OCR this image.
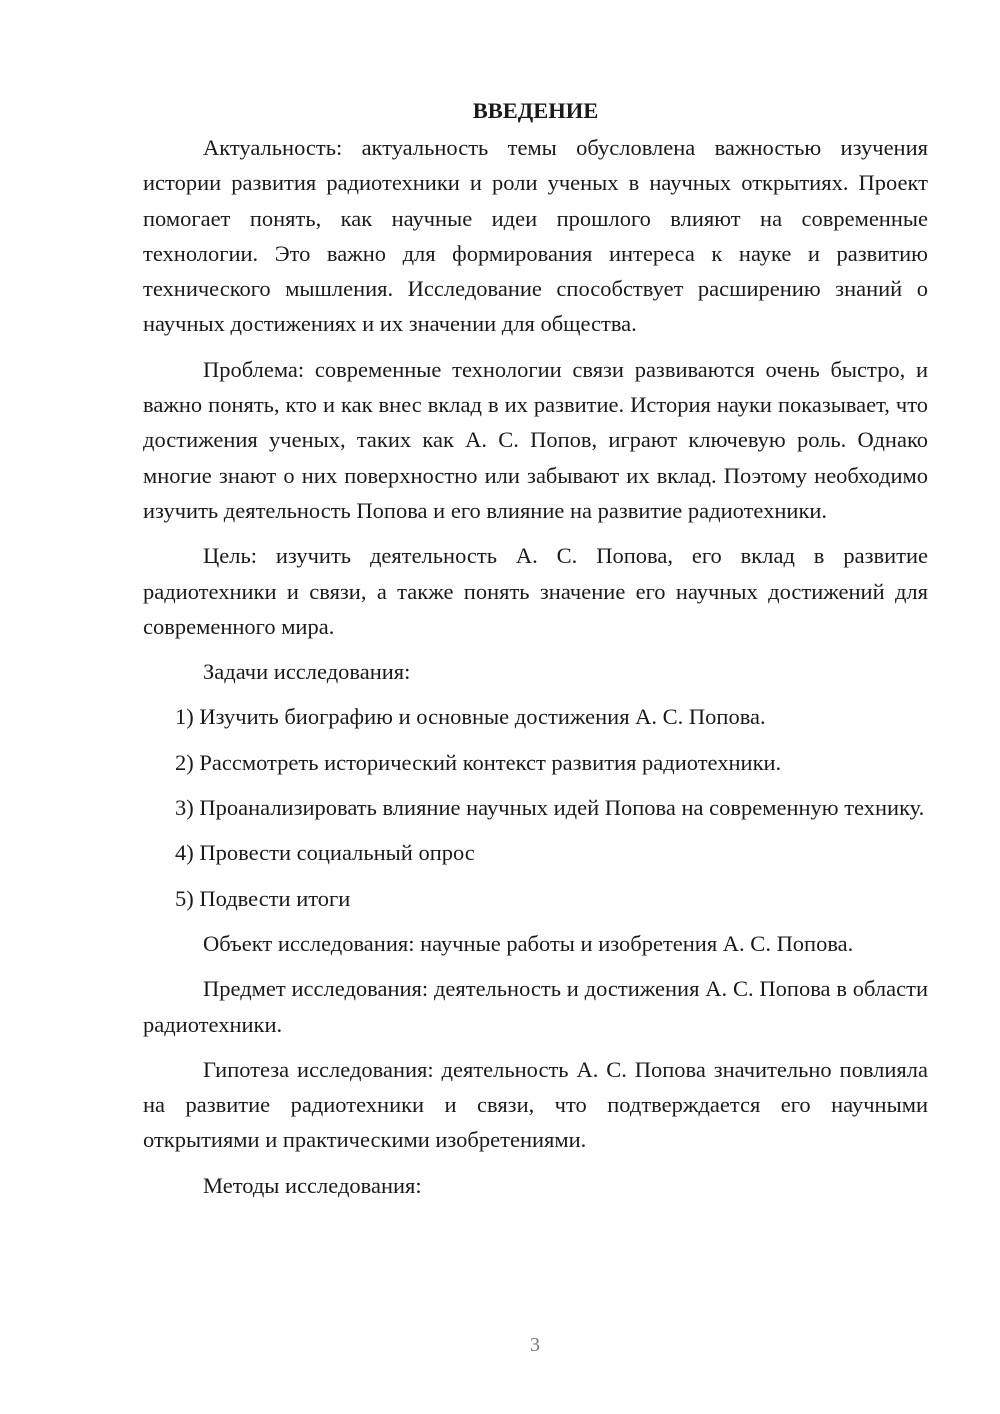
ВВЕДЕНИЕ

Актуальность: актуальность темы обусловлена важностью изучения истории развития радиотехники и роли ученых в научных открытиях. Проект помогает понять, как научные идеи прошлого влияют на современные технологии. Это важно для формирования интереса к науке и развитию технического мышления. Исследование способствует расширению знаний о научных достижениях и их значении для общества.

Проблема: современные технологии связи развиваются очень быстро, и важно понять, кто и как внес вклад в их развитие. История науки показывает, что достижения ученых, таких как А. С. Попов, играют ключевую роль. Однако многие знают о них поверхностно или забывают их вклад. Поэтому необходимо изучить деятельность Попова и его влияние на развитие радиотехники.

Цель: изучить деятельность А. С. Попова, его вклад в развитие радиотехники и связи, а также понять значение его научных достижений для современного мира.

Задачи исследования:

1) Изучить биографию и основные достижения А. С. Попова.

2) Рассмотреть исторический контекст развития радиотехники.

3) Проанализировать влияние научных идей Попова на современную технику.

4) Провести социальный опрос

5) Подвести итоги

Объект исследования: научные работы и изобретения А. С. Попова.

Предмет исследования: деятельность и достижения А. С. Попова в области радиотехники.

Гипотеза исследования: деятельность А. С. Попова значительно повлияла на развитие радиотехники и связи, что подтверждается его научными открытиями и практическими изобретениями.

Методы исследования:

3
